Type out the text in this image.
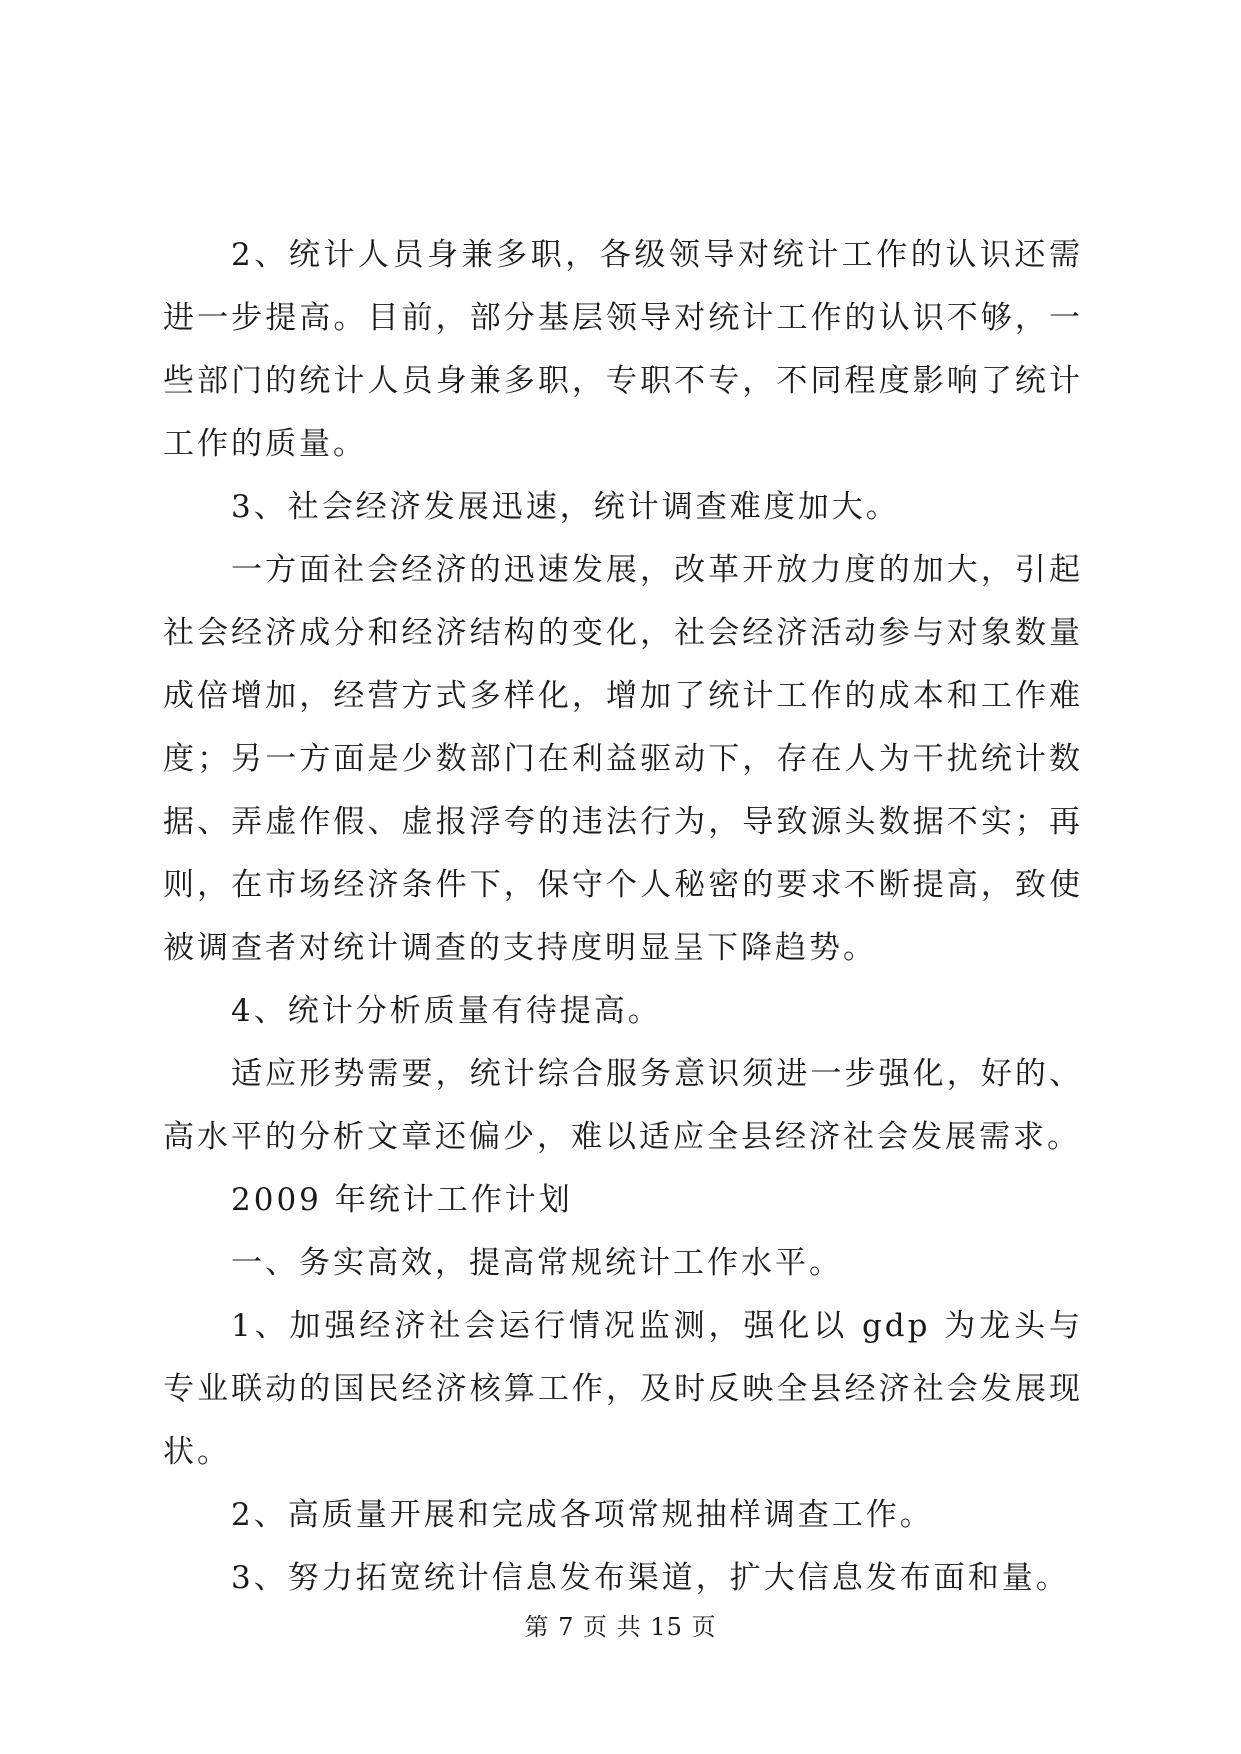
2、统计人员身兼多职，各级领导对统计工作的认识还需进一步提高。目前，部分基层领导对统计工作的认识不够，一些部门的统计人员身兼多职，专职不专，不同程度影响了统计工作的质量。

3、社会经济发展迅速，统计调查难度加大。

一方面社会经济的迅速发展，改革开放力度的加大，引起社会经济成分和经济结构的变化，社会经济活动参与对象数量成倍增加，经营方式多样化，增加了统计工作的成本和工作难度；另一方面是少数部门在利益驱动下，存在人为干扰统计数据、弄虚作假、虚报浮夸的违法行为，导致源头数据不实；再则，在市场经济条件下，保守个人秘密的要求不断提高，致使被调查者对统计调查的支持度明显呈下降趋势。

4、统计分析质量有待提高。

适应形势需要，统计综合服务意识须进一步强化，好的、高水平的分析文章还偏少，难以适应全县经济社会发展需求。

2009 年统计工作计划

一、务实高效，提高常规统计工作水平。

1、加强经济社会运行情况监测，强化以 gdp 为龙头与专业联动的国民经济核算工作，及时反映全县经济社会发展现状。

2、高质量开展和完成各项常规抽样调查工作。

3、努力拓宽统计信息发布渠道，扩大信息发布面和量。

第 7 页 共 15 页
